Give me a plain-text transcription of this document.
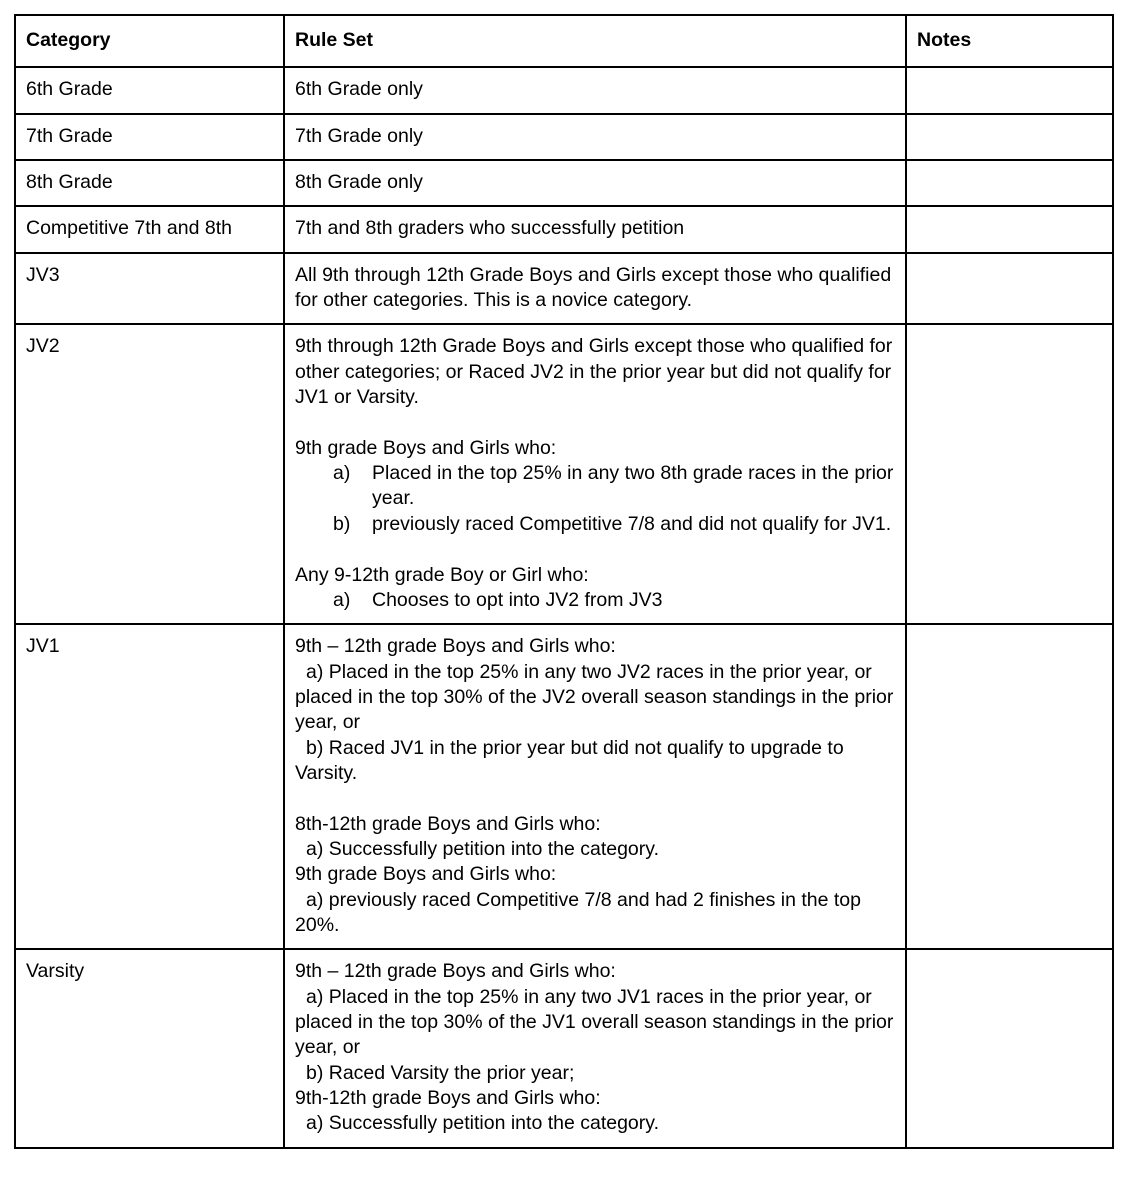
Category	Rule Set	Notes
6th Grade	6th Grade only	

7th Grade	7th Grade only	

8th Grade	8th Grade only	

Competitive 7th and 8th	7th and 8th graders who successfully petition	

JV3	All 9th through 12th Grade Boys and Girls except those who qualified for other categories. This is a novice category.	

JV2	9th through 12th Grade Boys and Girls except those who qualified for other categories; or Raced JV2 in the prior year but did not qualify for JV1 or Varsity.
9th grade Boys and Girls who:
a) Placed in the top 25% in any two 8th grade races in the prior year.
b) previously raced Competitive 7/8 and did not qualify for JV1.
Any 9-12th grade Boy or Girl who:
a) Chooses to opt into JV2 from JV3

JV1	9th – 12th grade Boys and Girls who:
a) Placed in the top 25% in any two JV2 races in the prior year, or placed in the top 30% of the JV2 overall season standings in the prior year, or
b) Raced JV1 in the prior year but did not qualify to upgrade to Varsity.
8th-12th grade Boys and Girls who:
a) Successfully petition into the category.
9th grade Boys and Girls who:
a) previously raced Competitive 7/8 and had 2 finishes in the top 20%.

Varsity	9th – 12th grade Boys and Girls who:
a) Placed in the top 25% in any two JV1 races in the prior year, or placed in the top 30% of the JV1 overall season standings in the prior year, or
b) Raced Varsity the prior year;
9th-12th grade Boys and Girls who:
a) Successfully petition into the category.	
